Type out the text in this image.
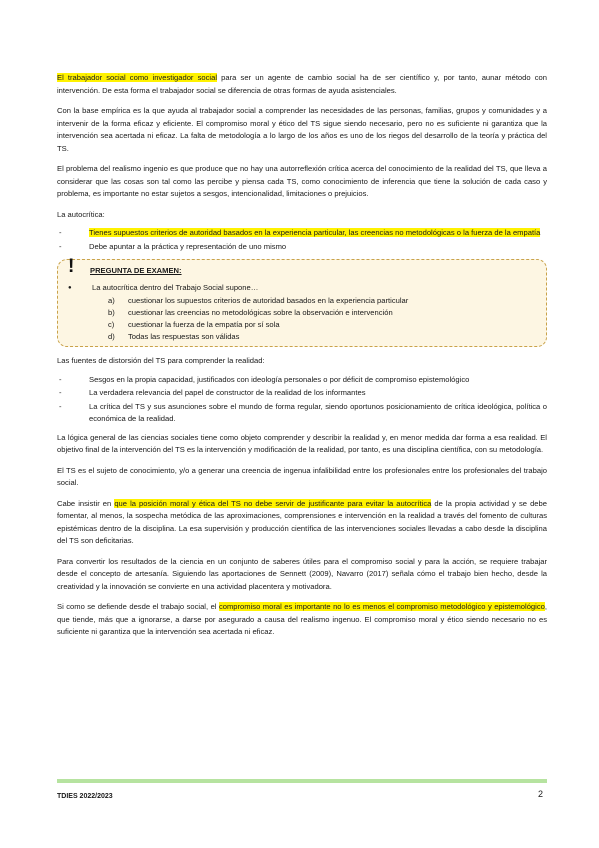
El trabajador social como investigador social para ser un agente de cambio social ha de ser científico y, por tanto, aunar método con intervención. De esta forma el trabajador social se diferencia de otras formas de ayuda asistenciales.

Con la base empírica es la que ayuda al trabajador social a comprender las necesidades de las personas, familias, grupos y comunidades y a intervenir de la forma eficaz y eficiente. El compromiso moral y ético del TS sigue siendo necesario, pero no es suficiente ni garantiza que la intervención sea acertada ni eficaz. La falta de metodología a lo largo de los años es uno de los riegos del desarrollo de la teoría y práctica del TS.

El problema del realismo ingenio es que produce que no hay una autorreflexión crítica acerca del conocimiento de la realidad del TS, que lleva a considerar que las cosas son tal como las percibe y piensa cada TS, como conocimiento de inferencia que tiene la solución de cada caso y problema, es importante no estar sujetos a sesgos, intencionalidad, limitaciones o prejuicios.

La autocrítica:

- Tienes supuestos criterios de autoridad basados en la experiencia particular, las creencias no metodológicas o la fuerza de la empatía
- Debe apuntar a la práctica y representación de uno mismo
! PREGUNTA DE EXAMEN:
● La autocrítica dentro del Trabajo Social supone…
a) cuestionar los supuestos criterios de autoridad basados en la experiencia particular
b) cuestionar las creencias no metodológicas sobre la observación e intervención
c) cuestionar la fuerza de la empatía por sí sola
d) Todas las respuestas son válidas

Las fuentes de distorsión del TS para comprender la realidad:

- Sesgos en la propia capacidad, justificados con ideología personales o por déficit de compromiso epistemológico
- La verdadera relevancia del papel de constructor de la realidad de los informantes
- La crítica del TS y sus asunciones sobre el mundo de forma regular, siendo oportunos posicionamiento de crítica ideológica, política o económica de la realidad.

La lógica general de las ciencias sociales tiene como objeto comprender y describir la realidad y, en menor medida dar forma a esa realidad. El objetivo final de la intervención del TS es la intervención y modificación de la realidad, por tanto, es una disciplina científica, con su metodología.

El TS es el sujeto de conocimiento, y/o a generar una creencia de ingenua infalibilidad entre los profesionales entre los profesionales del trabajo social.

Cabe insistir en que la posición moral y ética del TS no debe servir de justificante para evitar la autocrítica de la propia actividad y se debe fomentar, al menos, la sospecha metódica de las aproximaciones, comprensiones e intervención en la realidad a través del fomento de culturas epistémicas dentro de la disciplina. La esa supervisión y producción científica de las intervenciones sociales llevadas a cabo desde la disciplina del TS son deficitarias.

Para convertir los resultados de la ciencia en un conjunto de saberes útiles para el compromiso social y para la acción, se requiere trabajar desde el concepto de artesanía. Siguiendo las aportaciones de Sennett (2009), Navarro (2017) señala cómo el trabajo bien hecho, desde la creatividad y la innovación se convierte en una actividad placentera y motivadora.

Si como se defiende desde el trabajo social, el compromiso moral es importante no lo es menos el compromiso metodológico y epistemológico, que tiende, más que a ignorarse, a darse por asegurado a causa del realismo ingenuo. El compromiso moral y ético siendo necesario no es suficiente ni garantiza que la intervención sea acertada ni eficaz.

TDIES 2022/2023	2
